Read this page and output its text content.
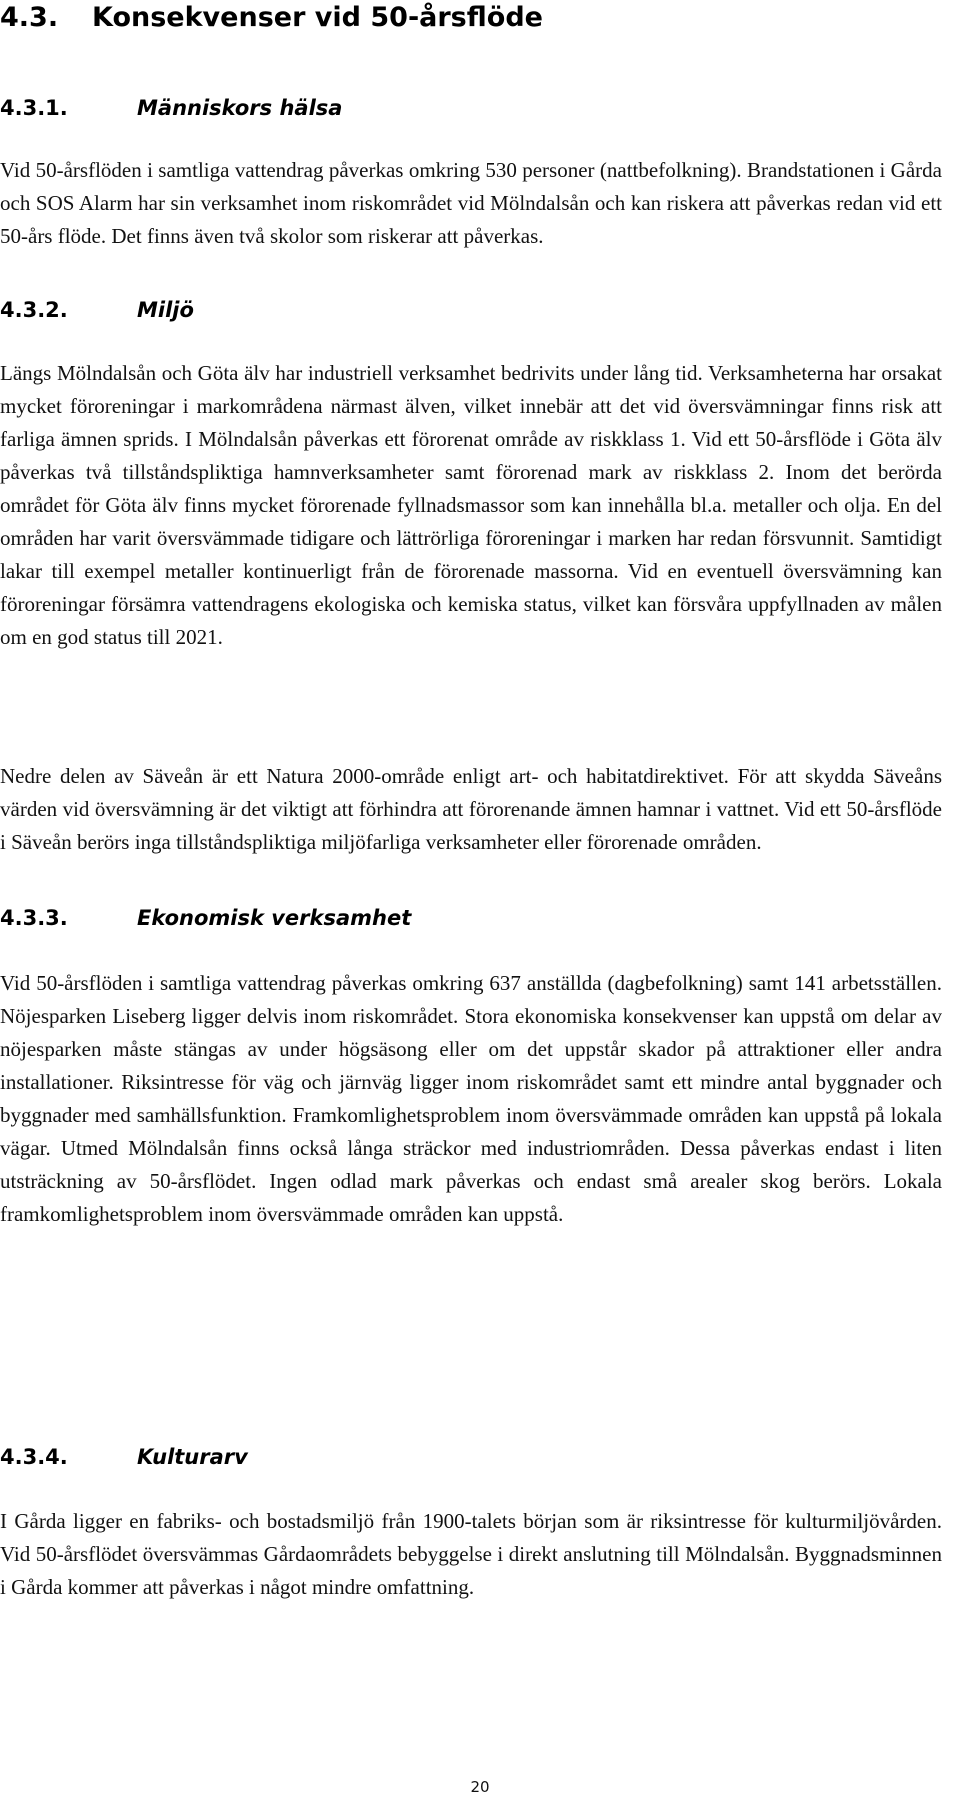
4.3. Konsekvenser vid 50-årsflöde
4.3.1.	Människors hälsa

Vid 50-årsflöden i samtliga vattendrag påverkas omkring 530 personer (nattbefolkning). Brandstationen i Gårda och SOS Alarm har sin verksamhet inom riskområdet vid Mölndalsån och kan riskera att påverkas redan vid ett 50-års flöde. Det finns även två skolor som riskerar att påverkas.

4.3.2.	Miljö

Längs Mölndalsån och Göta älv har industriell verksamhet bedrivits under lång tid. Verksamheterna har orsakat mycket föroreningar i markområdena närmast älven, vilket innebär att det vid översvämningar finns risk att farliga ämnen sprids. I Mölndalsån påverkas ett förorenat område av riskklass 1. Vid ett 50-årsflöde i Göta älv påverkas två tillståndspliktiga hamnverksamheter samt förorenad mark av riskklass 2. Inom det berörda området för Göta älv finns mycket förorenade fyllnadsmassor som kan innehålla bl.a. metaller och olja. En del områden har varit översvämmade tidigare och lättrörliga föroreningar i marken har redan försvunnit. Samtidigt lakar till exempel metaller kontinuerligt från de förorenade massorna. Vid en eventuell översvämning kan föroreningar försämra vattendragens ekologiska och kemiska status, vilket kan försvåra uppfyllnaden av målen om en god status till 2021.

Nedre delen av Säveån är ett Natura 2000-område enligt art- och habitatdirektivet. För att skydda Säveåns värden vid översvämning är det viktigt att förhindra att förorenande ämnen hamnar i vattnet. Vid ett 50-årsflöde i Säveån berörs inga tillståndspliktiga miljöfarliga verksamheter eller förorenade områden.

4.3.3.	Ekonomisk verksamhet

Vid 50-årsflöden i samtliga vattendrag påverkas omkring 637 anställda (dagbefolkning) samt 141 arbetsställen. Nöjesparken Liseberg ligger delvis inom riskområdet. Stora ekonomiska konsekvenser kan uppstå om delar av nöjesparken måste stängas av under högsäsong eller om det uppstår skador på attraktioner eller andra installationer. Riksintresse för väg och järnväg ligger inom riskområdet samt ett mindre antal byggnader och byggnader med samhällsfunktion. Framkomlighetsproblem inom översvämmade områden kan uppstå på lokala vägar. Utmed Mölndalsån finns också långa sträckor med industriområden. Dessa påverkas endast i liten utsträckning av 50-årsflödet. Ingen odlad mark påverkas och endast små arealer skog berörs. Lokala framkomlighetsproblem inom översvämmade områden kan uppstå.

4.3.4.	Kulturarv

I Gårda ligger en fabriks- och bostadsmiljö från 1900-talets början som är riksintresse för kulturmiljövården. Vid 50-årsflödet översvämmas Gårdaområdets bebyggelse i direkt anslutning till Mölndalsån. Byggnadsminnen i Gårda kommer att påverkas i något mindre omfattning.

20
